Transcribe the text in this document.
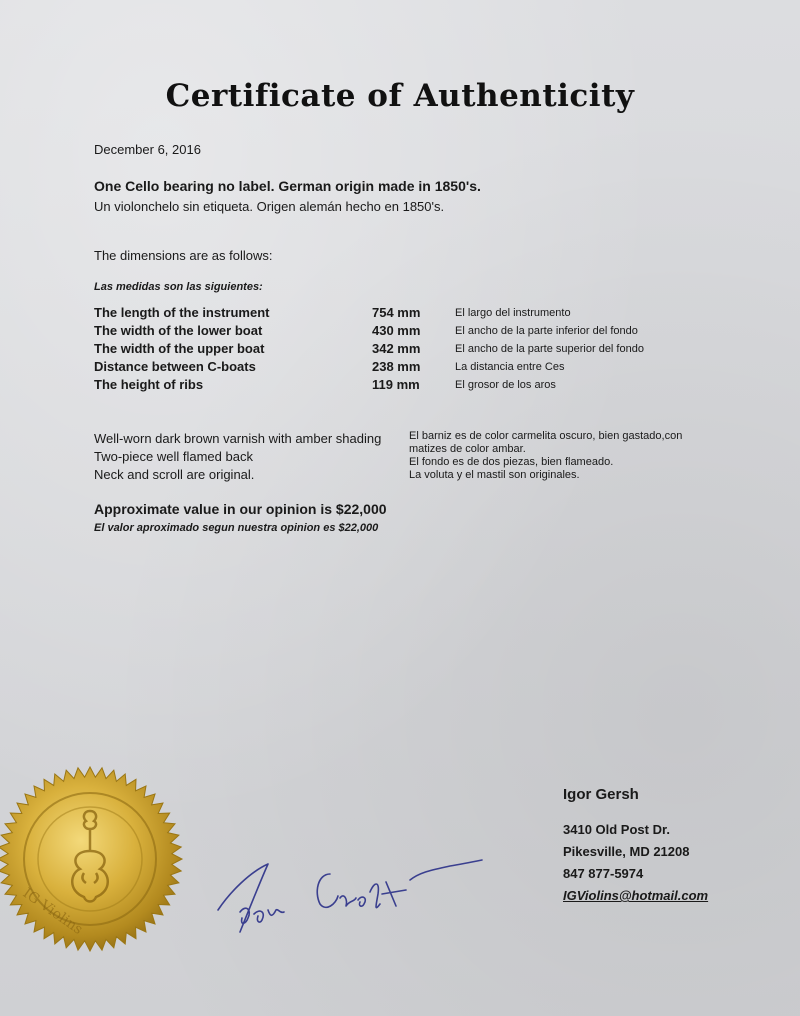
Certificate of Authenticity
December 6, 2016
One Cello bearing no label. German origin made in 1850's.
Un violonchelo sin etiqueta. Origen alemán hecho en 1850's.
The dimensions are as follows:
Las medidas son las siguientes:
The length of the instrument	754 mm	El largo del instrumento
The width of the lower boat	430 mm	El ancho de la parte inferior del fondo
The width of the upper boat	342 mm	El ancho de la parte superior del fondo
Distance between C-boats	238 mm	La distancia entre Ces
The height of ribs	119 mm	El grosor de los aros
Well-worn dark brown varnish with amber shading
Two-piece well flamed back
Neck and scroll are original.
El barniz es de color carmelita oscuro, bien gastado,con
matizes de color ambar.
El fondo es de dos piezas, bien flameado.
La voluta y el mastil son originales.
Approximate value in our opinion is $22,000
El valor aproximado segun nuestra opinion es $22,000
IG Violins
Igor Gersh
3410 Old Post Dr.
Pikesville, MD 21208
847 877-5974
IGViolins@hotmail.com
